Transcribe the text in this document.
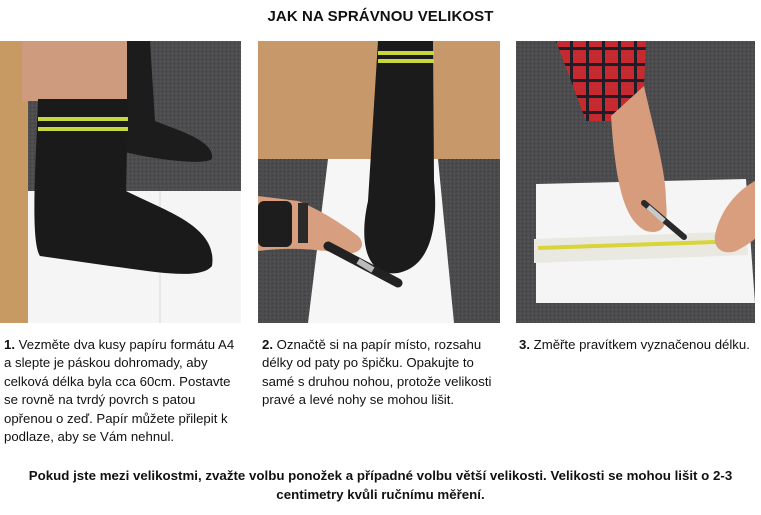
JAK NA SPRÁVNOU VELIKOST
1. Vezměte dva kusy papíru formátu A4 a slepte je páskou dohromady, aby celková délka byla cca 60cm. Postavte se rovně na tvrdý povrch s patou opřenou o zeď. Papír můžete přilepit k podlaze, aby se Vám nehnul.
2. Označtě si na papír místo, rozsahu délky od paty po špičku. Opakujte to samé s druhou nohou, protože velikosti pravé a levé nohy se mohou lišit.
3. Změřte pravítkem vyznačenou délku.
Pokud jste mezi velikostmi, zvažte volbu ponožek a případné volbu větší velikosti. Velikosti se mohou lišit o 2-3 centimetry kvůli ručnímu měření.
